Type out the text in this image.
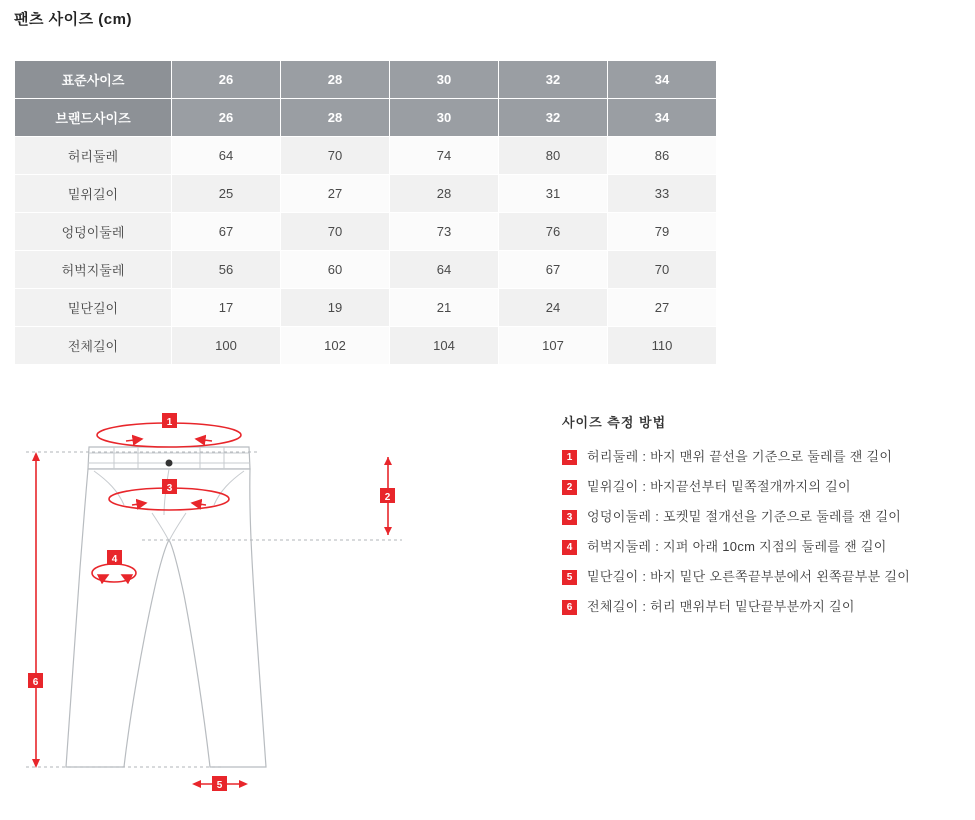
팬츠 사이즈 (cm)
표준사이즈	26	28	30	32	34
브랜드사이즈	26	28	30	32	34
허리둘레	64	70	74	80	86
밑위길이	25	27	28	31	33
엉덩이둘레	67	70	73	76	79
허벅지둘레	56	60	64	67	70
밑단길이	17	19	21	24	27
전체길이	100	102	104	107	110
1
3
2
4
6
5
사이즈 측정 방법
1	허리둘레 : 바지 맨위 끝선을 기준으로 둘레를 잰 길이
2	밑위길이 : 바지끝선부터 밑쪽절개까지의 길이
3	엉덩이둘레 : 포켓밑 절개선을 기준으로 둘레를 잰 길이
4	허벅지둘레 : 지퍼 아래 10cm 지점의 둘레를 잰 길이
5	밑단길이 : 바지 밑단 오른쪽끝부분에서 왼쪽끝부분 길이
6	전체길이 : 허리 맨위부터 밑단끝부분까지 길이
